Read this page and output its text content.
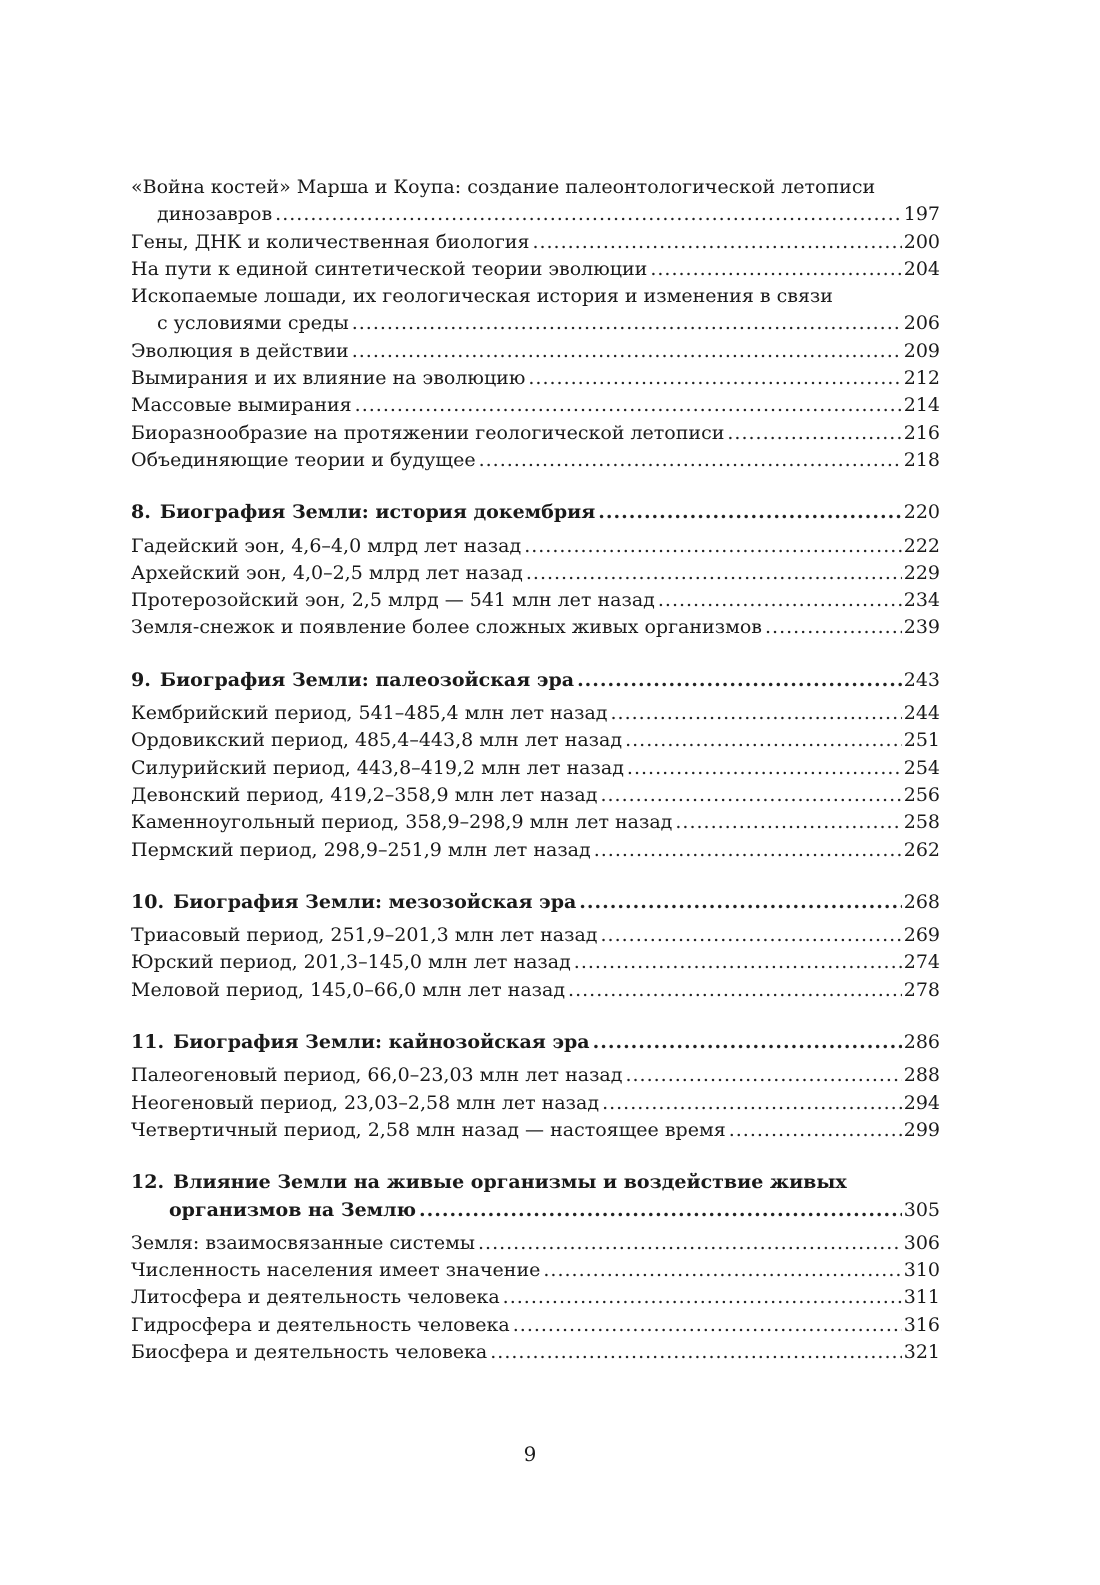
«Война костей» Марша и Коупа: создание палеонтологической летописи
динозавров .....	197
Гены, ДНК и количественная биология .....	200
На пути к единой синтетической теории эволюции .....	204
Ископаемые лошади, их геологическая история и изменения в связи
с условиями среды .....	206
Эволюция в действии .....	209
Вымирания и их влияние на эволюцию .....	212
Массовые вымирания .....	214
Биоразнообразие на протяжении геологической летописи .....	216
Объединяющие теории и будущее .....	218
8. Биография Земли: история докембрия .....	220
Гадейский эон, 4,6–4,0 млрд лет назад .....	222
Архейский эон, 4,0–2,5 млрд лет назад .....	229
Протерозойский эон, 2,5 млрд — 541 млн лет назад .....	234
Земля-снежок и появление более сложных живых организмов .....	239
9. Биография Земли: палеозойская эра .....	243
Кембрийский период, 541–485,4 млн лет назад .....	244
Ордовикский период, 485,4–443,8 млн лет назад .....	251
Силурийский период, 443,8–419,2 млн лет назад .....	254
Девонский период, 419,2–358,9 млн лет назад .....	256
Каменноугольный период, 358,9–298,9 млн лет назад .....	258
Пермский период, 298,9–251,9 млн лет назад .....	262
10. Биография Земли: мезозойская эра .....	268
Триасовый период, 251,9–201,3 млн лет назад .....	269
Юрский период, 201,3–145,0 млн лет назад .....	274
Меловой период, 145,0–66,0 млн лет назад .....	278
11. Биография Земли: кайнозойская эра .....	286
Палеогеновый период, 66,0–23,03 млн лет назад .....	288
Неогеновый период, 23,03–2,58 млн лет назад .....	294
Четвертичный период, 2,58 млн назад — настоящее время .....	299
12. Влияние Земли на живые организмы и воздействие живых
организмов на Землю .....	305
Земля: взаимосвязанные системы .....	306
Численность населения имеет значение .....	310
Литосфера и деятельность человека .....	311
Гидросфера и деятельность человека .....	316
Биосфера и деятельность человека .....	321
9
